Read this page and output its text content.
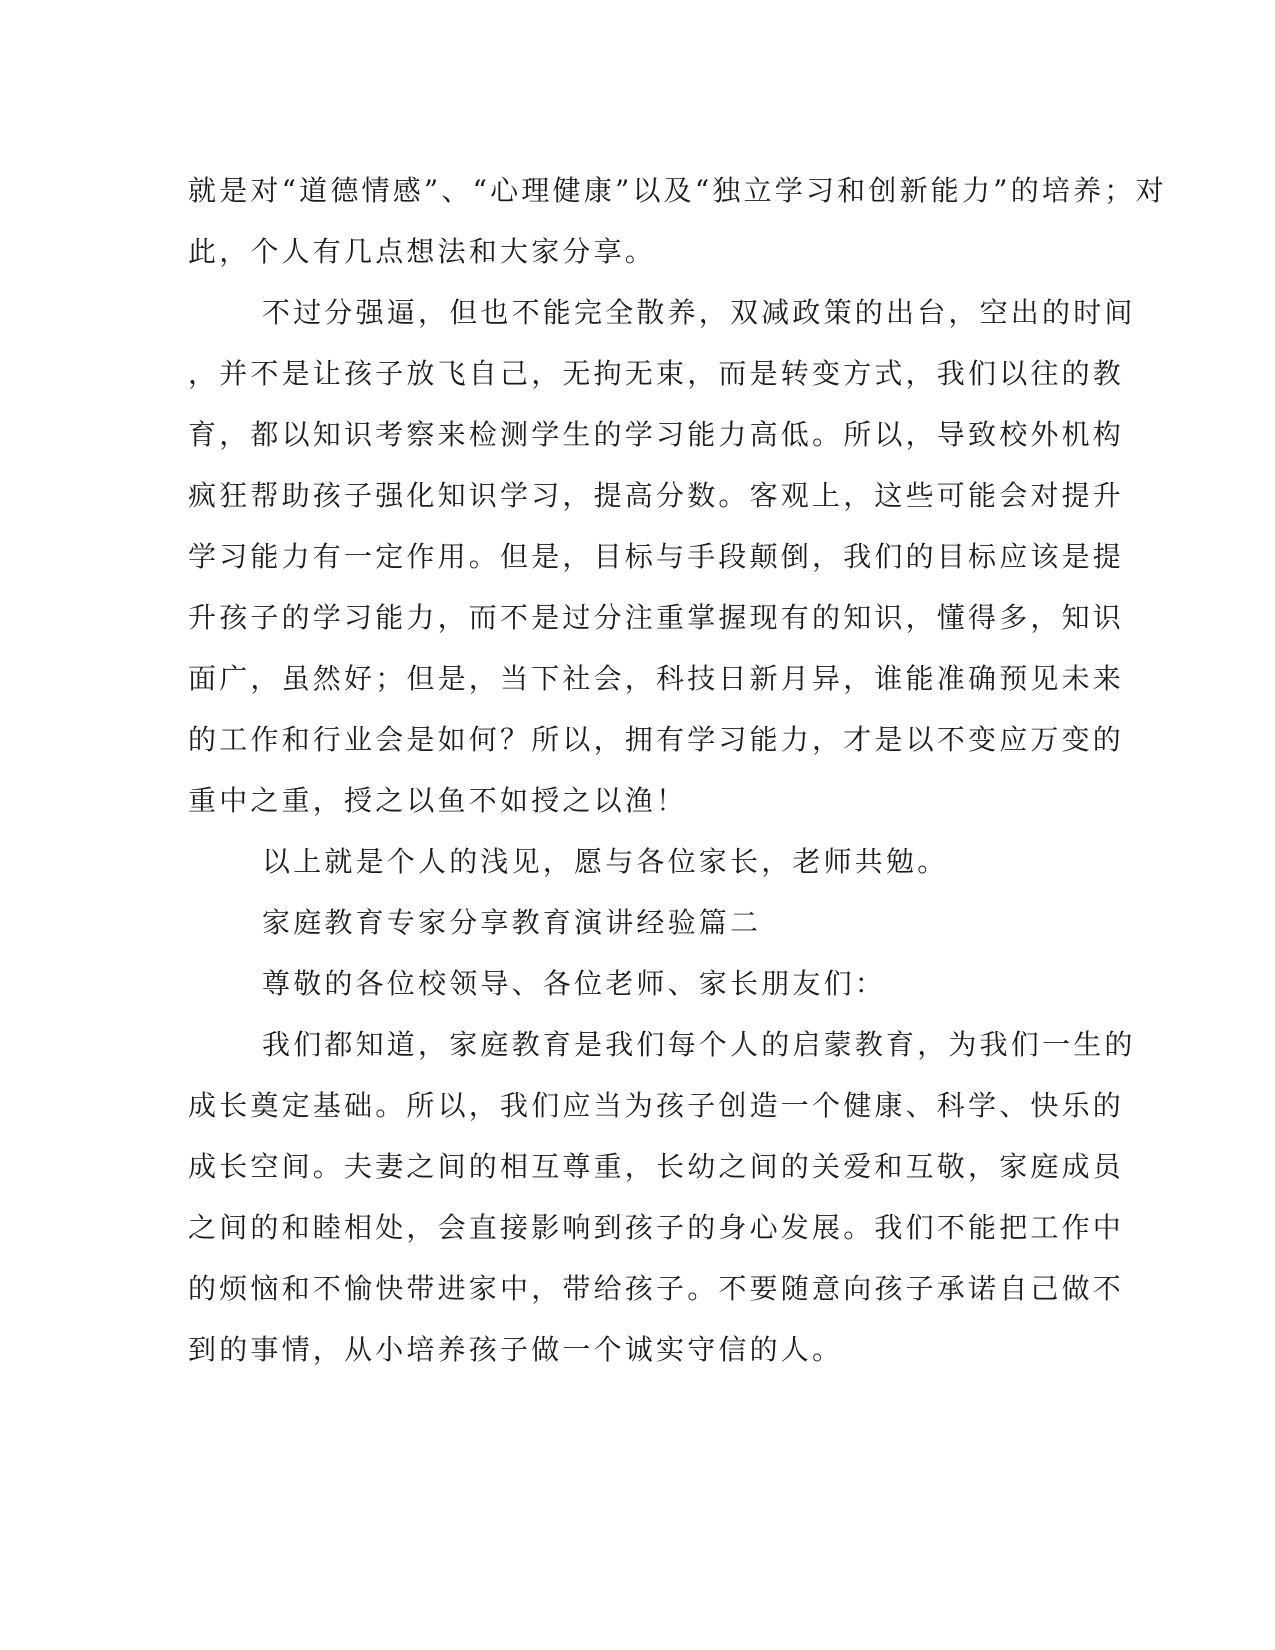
就是对“道德情感”、“心理健康”以及“独立学习和创新能力”的培养；对
此，个人有几点想法和大家分享。
不过分强逼，但也不能完全散养，双减政策的出台，空出的时间
，并不是让孩子放飞自己，无拘无束，而是转变方式，我们以往的教
育，都以知识考察来检测学生的学习能力高低。所以，导致校外机构
疯狂帮助孩子强化知识学习，提高分数。客观上，这些可能会对提升
学习能力有一定作用。但是，目标与手段颠倒，我们的目标应该是提
升孩子的学习能力，而不是过分注重掌握现有的知识，懂得多，知识
面广，虽然好；但是，当下社会，科技日新月异，谁能准确预见未来
的工作和行业会是如何？所以，拥有学习能力，才是以不变应万变的
重中之重，授之以鱼不如授之以渔！
以上就是个人的浅见，愿与各位家长，老师共勉。
家庭教育专家分享教育演讲经验篇二
尊敬的各位校领导、各位老师、家长朋友们：
我们都知道，家庭教育是我们每个人的启蒙教育，为我们一生的
成长奠定基础。所以，我们应当为孩子创造一个健康、科学、快乐的
成长空间。夫妻之间的相互尊重，长幼之间的关爱和互敬，家庭成员
之间的和睦相处，会直接影响到孩子的身心发展。我们不能把工作中
的烦恼和不愉快带进家中，带给孩子。不要随意向孩子承诺自己做不
到的事情，从小培养孩子做一个诚实守信的人。
